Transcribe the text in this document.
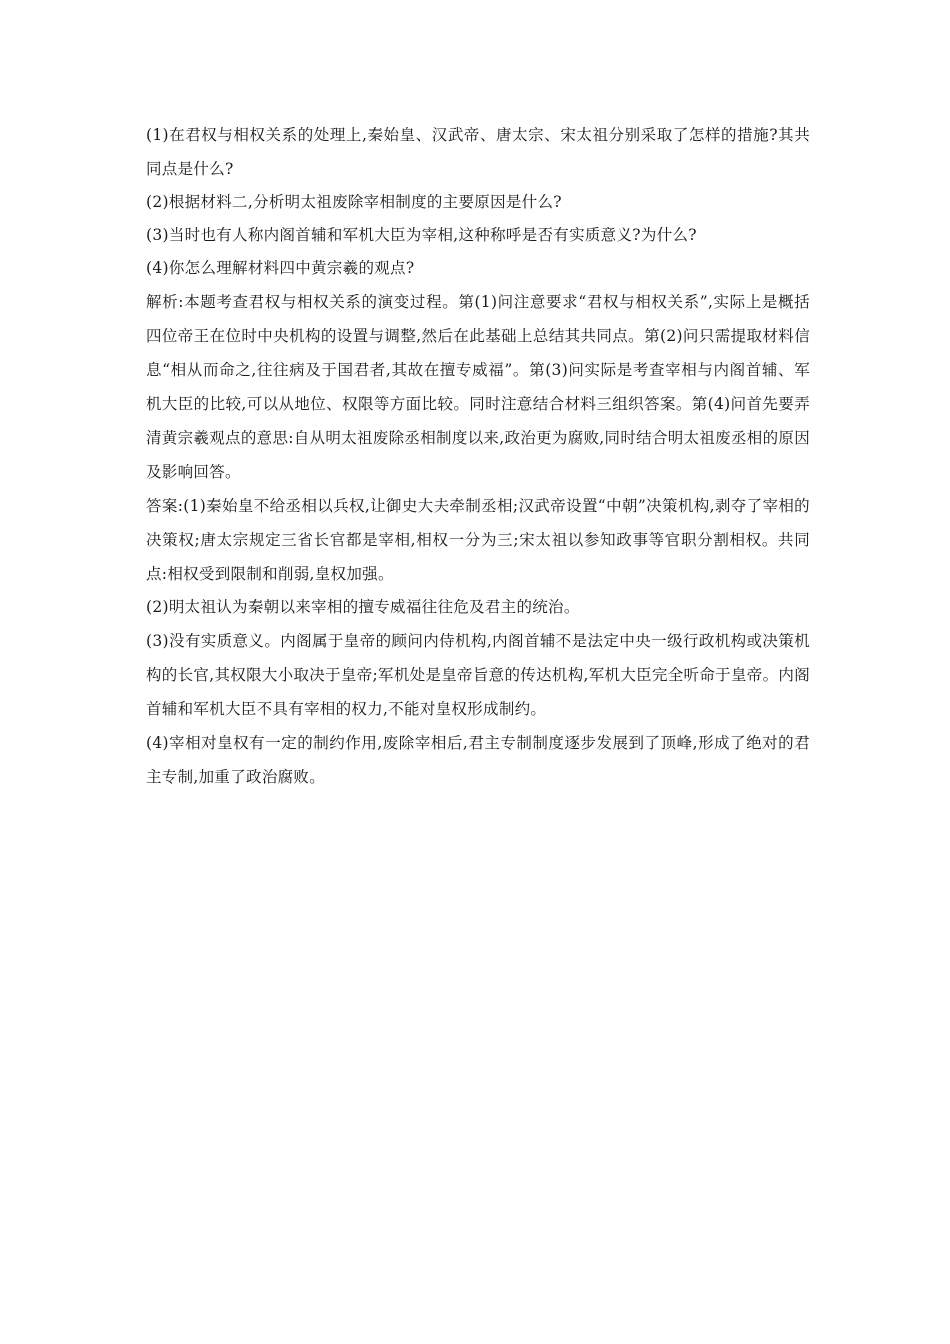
(1)在君权与相权关系的处理上,秦始皇、汉武帝、唐太宗、宋太祖分别采取了怎样的措施?其共同点是什么?

(2)根据材料二,分析明太祖废除宰相制度的主要原因是什么?

(3)当时也有人称内阁首辅和军机大臣为宰相,这种称呼是否有实质意义?为什么?

(4)你怎么理解材料四中黄宗羲的观点?

解析:本题考查君权与相权关系的演变过程。第(1)问注意要求“君权与相权关系”,实际上是概括四位帝王在位时中央机构的设置与调整,然后在此基础上总结其共同点。第(2)问只需提取材料信息“相从而命之,往往病及于国君者,其故在擅专威福”。第(3)问实际是考查宰相与内阁首辅、军机大臣的比较,可以从地位、权限等方面比较。同时注意结合材料三组织答案。第(4)问首先要弄清黄宗羲观点的意思:自从明太祖废除丞相制度以来,政治更为腐败,同时结合明太祖废丞相的原因及影响回答。

答案:(1)秦始皇不给丞相以兵权,让御史大夫牵制丞相;汉武帝设置“中朝”决策机构,剥夺了宰相的决策权;唐太宗规定三省长官都是宰相,相权一分为三;宋太祖以参知政事等官职分割相权。共同点:相权受到限制和削弱,皇权加强。

(2)明太祖认为秦朝以来宰相的擅专威福往往危及君主的统治。

(3)没有实质意义。内阁属于皇帝的顾问内侍机构,内阁首辅不是法定中央一级行政机构或决策机构的长官,其权限大小取决于皇帝;军机处是皇帝旨意的传达机构,军机大臣完全听命于皇帝。内阁首辅和军机大臣不具有宰相的权力,不能对皇权形成制约。

(4)宰相对皇权有一定的制约作用,废除宰相后,君主专制制度逐步发展到了顶峰,形成了绝对的君主专制,加重了政治腐败。
